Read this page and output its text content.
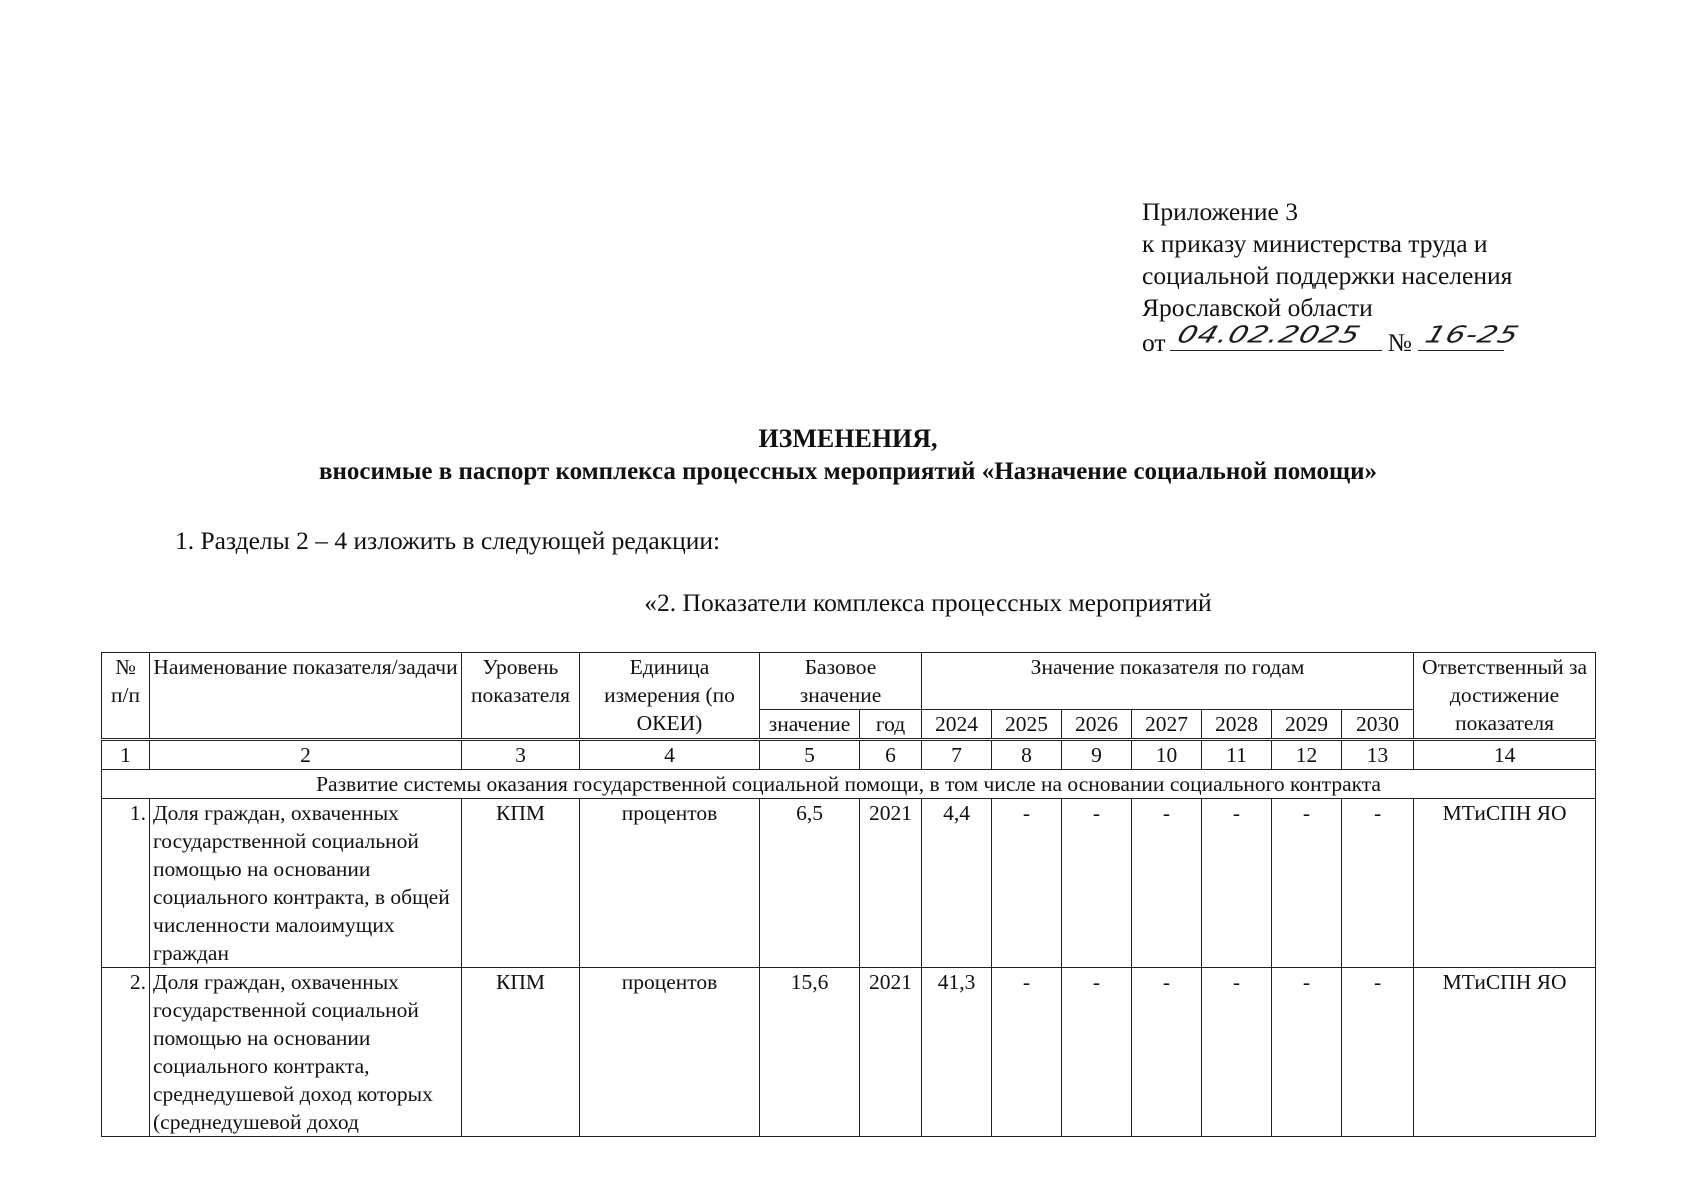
Приложение 3
к приказу министерства труда и
социальной поддержки населения
Ярославской области
от 04.02.2025 № 16-25
ИЗМЕНЕНИЯ,
вносимые в паспорт комплекса процессных мероприятий «Назначение социальной помощи»
1. Разделы 2 – 4 изложить в следующей редакции:
«2. Показатели комплекса процессных мероприятий
№ п/п	Наименование показателя/задачи	Уровень показателя	Единица измерения (по ОКЕИ)	Базовое значение		Значение показателя по годам							Ответственный за достижение показателя
				значение	год	2024	2025	2026	2027	2028	2029	2030	
1	2	3	4	5	6	7	8	9	10	11	12	13	14
Развитие системы оказания государственной социальной помощи, в том числе на основании социального контракта													
1.	Доля граждан, охваченных государственной социальной помощью на основании социального контракта, в общей численности малоимущих граждан	КПМ	процентов	6,5	2021	4,4	-	-	-	-	-	-	МТиСПН ЯО
2.	Доля граждан, охваченных государственной социальной помощью на основании социального контракта, среднедушевой доход которых (среднедушевой доход	КПМ	процентов	15,6	2021	41,3	-	-	-	-	-	-	МТиСПН ЯО
